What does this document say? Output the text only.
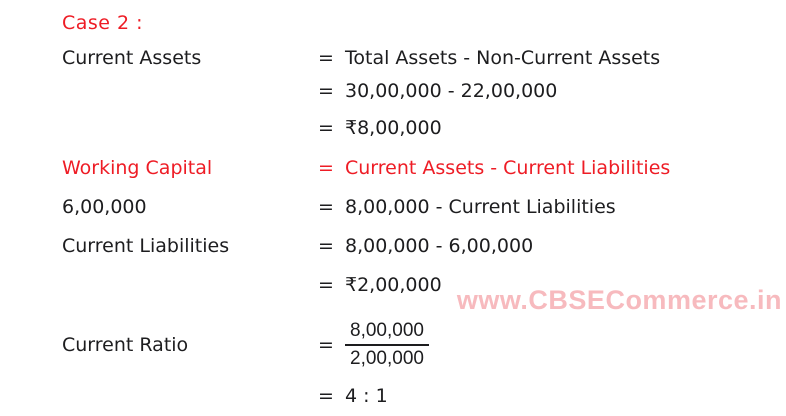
Case 2 :
Current Assets	= Total Assets - Non-Current Assets
= 30,00,000 - 22,00,000
= ₹8,00,000
Working Capital	= Current Assets - Current Liabilities
6,00,000	= 8,00,000 - Current Liabilities
Current Liabilities	= 8,00,000 - 6,00,000
= ₹2,00,000
Current Ratio	= $\frac{8,00,000}{2,00,000}$
= 4 : 1
www.CBSECommerce.in
